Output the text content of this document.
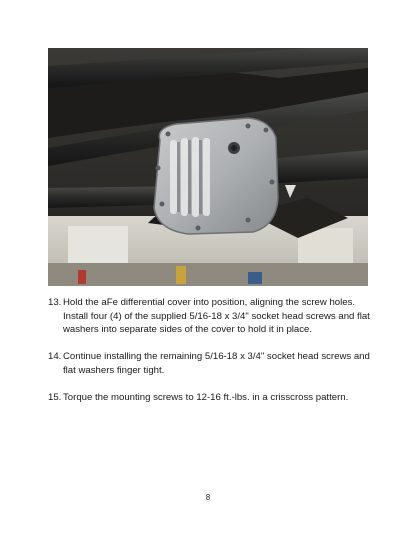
13. Hold the aFe differential cover into position, aligning the screw holes. Install four (4) of the supplied 5/16-18 x 3/4" socket head screws and flat washers into separate sides of the cover to hold it in place.
14. Continue installing the remaining 5/16-18 x 3/4" socket head screws and flat washers finger tight.
15. Torque the mounting screws to 12-16 ft.-lbs. in a crisscross pattern.
8
